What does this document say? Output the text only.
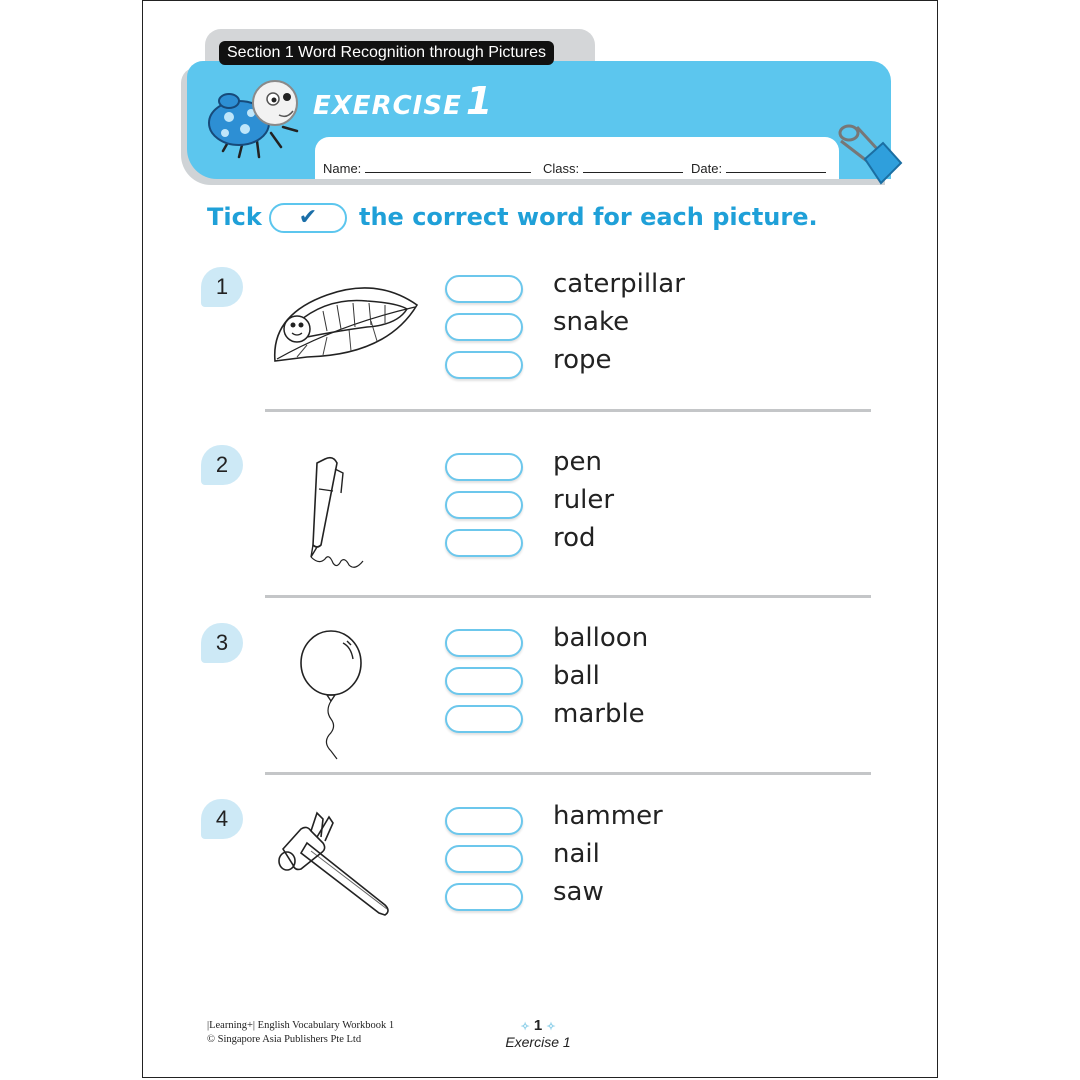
Section 1 Word Recognition through Pictures
EXERCISE 1
Name:	Class:	Date:
Tick	✔	the correct word for each picture.
1	caterpillar
snake
rope
2	pen
ruler
rod
3	balloon
ball
marble
4	hammer
nail
saw
|Learning+| English Vocabulary Workbook 1
© Singapore Asia Publishers Pte Ltd
✧ 1 ✧
Exercise 1
